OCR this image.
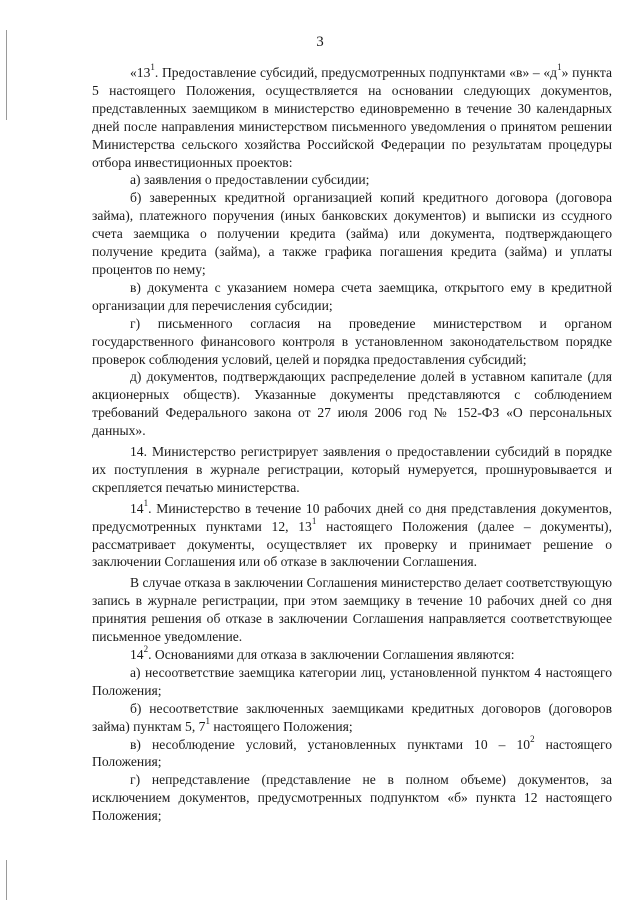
3

«$13^1$. Предоставление субсидий, предусмотренных подпунктами «в» – «$д^1$» пункта 5 настоящего Положения, осуществляется на основании следующих документов, представленных заемщиком в министерство единовременно в течение 30 календарных дней после направления министерством письменного уведомления о принятом решении Министерства сельского хозяйства Российской Федерации по результатам процедуры отбора инвестиционных проектов:

а) заявления о предоставлении субсидии;

б) заверенных кредитной организацией копий кредитного договора (договора займа), платежного поручения (иных банковских документов) и выписки из ссудного счета заемщика о получении кредита (займа) или документа, подтверждающего получение кредита (займа), а также графика погашения кредита (займа) и уплаты процентов по нему;

в) документа с указанием номера счета заемщика, открытого ему в кредитной организации для перечисления субсидии;

г) письменного согласия на проведение министерством и органом государственного финансового контроля в установленном законодательством порядке проверок соблюдения условий, целей и порядка предоставления субсидий;

д) документов, подтверждающих распределение долей в уставном капитале (для акционерных обществ). Указанные документы представляются с соблюдением требований Федерального закона от 27 июля 2006 год № 152-ФЗ «О персональных данных».

14. Министерство регистрирует заявления о предоставлении субсидий в порядке их поступления в журнале регистрации, который нумеруется, прошнуровывается и скрепляется печатью министерства.

$14^1$. Министерство в течение 10 рабочих дней со дня представления документов, предусмотренных пунктами 12, $13^1$ настоящего Положения (далее – документы), рассматривает документы, осуществляет их проверку и принимает решение о заключении Соглашения или об отказе в заключении Соглашения.

В случае отказа в заключении Соглашения министерство делает соответствующую запись в журнале регистрации, при этом заемщику в течение 10 рабочих дней со дня принятия решения об отказе в заключении Соглашения направляется соответствующее письменное уведомление.

$14^2$. Основаниями для отказа в заключении Соглашения являются:

а) несоответствие заемщика категории лиц, установленной пунктом 4 настоящего Положения;

б) несоответствие заключенных заемщиками кредитных договоров (договоров займа) пунктам 5, $7^1$ настоящего Положения;

в) несоблюдение условий, установленных пунктами $10 - 10^2$ настоящего Положения;

г) непредставление (представление не в полном объеме) документов, за исключением документов, предусмотренных подпунктом «б» пункта 12 настоящего Положения;
